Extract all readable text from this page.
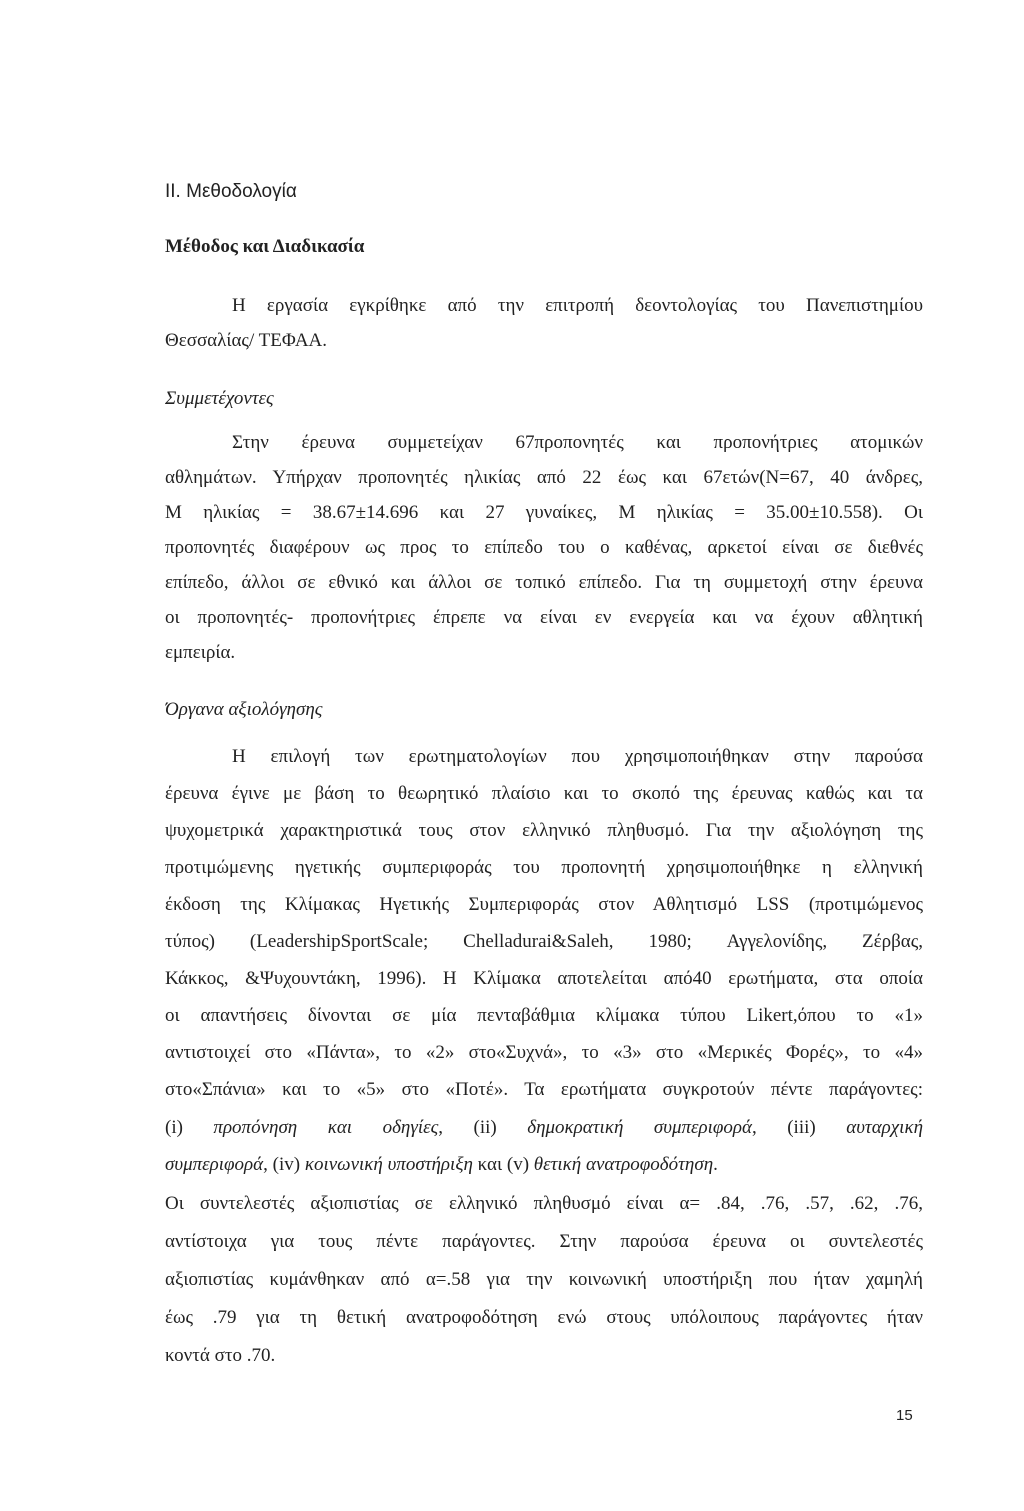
II. Μεθοδολογία
Μέθοδος και Διαδικασία
Η εργασία εγκρίθηκε από την επιτροπή δεοντολογίας του Πανεπιστημίου
Θεσσαλίας/ ΤΕΦΑΑ.
Συμμετέχοντες
Στην έρευνα συμμετείχαν 67προπονητές και προπονήτριες ατομικών
αθλημάτων. Υπήρχαν προπονητές ηλικίας από 22 έως και 67ετών(N=67, 40 άνδρες,
Μ ηλικίας = 38.67±14.696 και 27 γυναίκες, Μ ηλικίας = 35.00±10.558). Οι
προπονητές διαφέρουν ως προς το επίπεδο του ο καθένας, αρκετοί είναι σε διεθνές
επίπεδο, άλλοι σε εθνικό και άλλοι σε τοπικό επίπεδο. Για τη συμμετοχή στην έρευνα
οι προπονητές- προπονήτριες έπρεπε να είναι εν ενεργεία και να έχουν αθλητική
εμπειρία.
Όργανα αξιολόγησης
Η επιλογή των ερωτηματολογίων που χρησιμοποιήθηκαν στην παρούσα
έρευνα έγινε με βάση το θεωρητικό πλαίσιο και το σκοπό της έρευνας καθώς και τα
ψυχομετρικά χαρακτηριστικά τους στον ελληνικό πληθυσμό. Για την αξιολόγηση της
προτιμώμενης ηγετικής συμπεριφοράς του προπονητή χρησιμοποιήθηκε η ελληνική
έκδοση της Κλίμακας Ηγετικής Συμπεριφοράς στον Αθλητισμό LSS (προτιμώμενος
τύπος) (LeadershipSportScale; Chelladurai&Saleh, 1980; Αγγελονίδης, Ζέρβας,
Κάκκος, &Ψυχουντάκη, 1996). Η Κλίμακα αποτελείται από40 ερωτήματα, στα οποία
οι απαντήσεις δίνονται σε μία πενταβάθμια κλίμακα τύπου Likert,όπου το «1»
αντιστοιχεί στο «Πάντα», το «2» στο«Συχνά», το «3» στο «Μερικές Φορές», το «4»
στο«Σπάνια» και το «5» στο «Ποτέ». Τα ερωτήματα συγκροτούν πέντε παράγοντες:
(i) προπόνηση και οδηγίες, (ii) δημοκρατική συμπεριφορά, (iii) αυταρχική
συμπεριφορά, (iv) κοινωνική υποστήριξη και (v) θετική ανατροφοδότηση.
Οι συντελεστές αξιοπιστίας σε ελληνικό πληθυσμό είναι α= .84, .76, .57, .62, .76,
αντίστοιχα για τους πέντε παράγοντες. Στην παρούσα έρευνα οι συντελεστές
αξιοπιστίας κυμάνθηκαν από α=.58 για την κοινωνική υποστήριξη που ήταν χαμηλή
έως .79 για τη θετική ανατροφοδότηση ενώ στους υπόλοιπους παράγοντες ήταν
κοντά στο .70.
15
